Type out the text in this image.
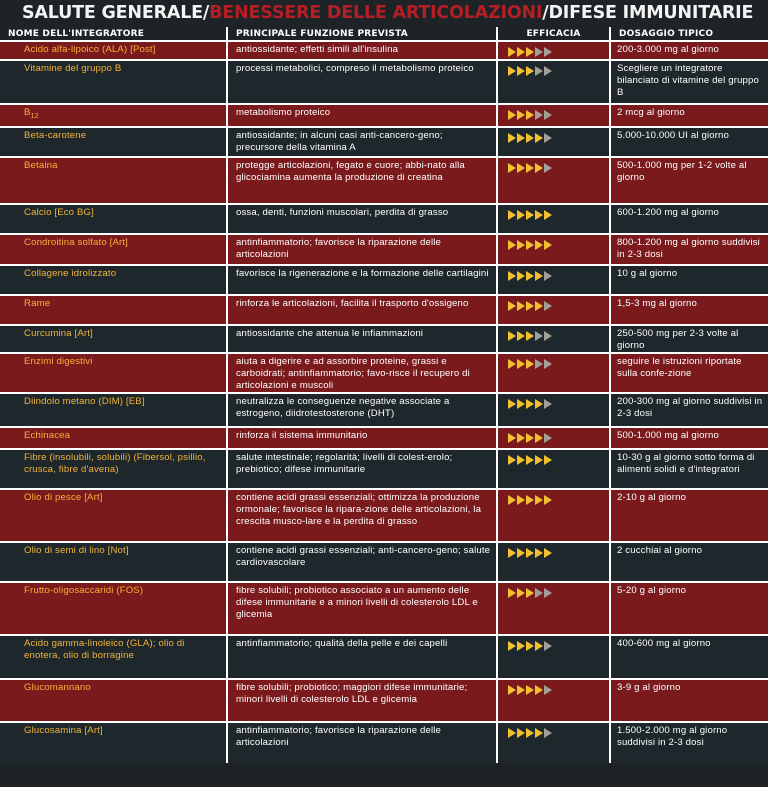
SALUTE GENERALE/BENESSERE DELLE ARTICOLAZIONI/DIFESE IMMUNITARIE
NOME DELL'INTEGRATORE	PRINCIPALE FUNZIONE PREVISTA	EFFICACIA	DOSAGGIO TIPICO
Acido alfa-lipoico (ALA) [Post]	antiossidante; effetti simili all'insulina		200-3.000 mg al giorno
Vitamine del gruppo B	processi metabolici, compreso il metabolismo proteico		Scegliere un integratore bilanciato di vitamine del gruppo B
$B_{12}$	metabolismo proteico		2 mcg al giorno
Beta-carotene	antiossidante; in alcuni casi anti-cancero-geno; precursore della vitamina A		5.000-10.000 UI al giorno
Betaina	protegge articolazioni, fegato e cuore; abbi-nato alla glicociamina aumenta la produzione di creatina		500-1.000 mg per 1-2 volte al giorno
Calcio [Eco BG]	ossa, denti, funzioni muscolari, perdita di grasso		600-1.200 mg al giorno
Condroitina solfato [Art]	antinfiammatorio; favorisce la riparazione delle articolazioni		800-1.200 mg al giorno suddivisi in 2-3 dosi
Collagene idrolizzato	favorisce la rigenerazione e la formazione delle cartilagini		10 g al giorno
Rame	rinforza le articolazioni, facilita il trasporto d'ossigeno		1,5-3 mg al giorno
Curcumina [Art]	antiossidante che attenua le infiammazioni		250-500 mg per 2-3 volte al giorno
Enzimi digestivi	aiuta a digerire e ad assorbire proteine, grassi e carboidrati; antinfiammatorio; favo-risce il recupero di articolazioni e muscoli		seguire le istruzioni riportate sulla confe-zione
Diindolo metano (DIM) [EB]	neutralizza le conseguenze negative associate a estrogeno, diidrotestosterone (DHT)		200-300 mg al giorno suddivisi in 2-3 dosi
Echinacea	rinforza il sistema immunitario		500-1.000 mg al giorno
Fibre (insolubili, solubili) (Fibersol, psillio, crusca, fibre d'avena)	salute intestinale; regolarità; livelli di colest-erolo; prebiotico; difese immunitarie		10-30 g al giorno sotto forma di alimenti solidi e d'integratori
Olio di pesce [Art]	contiene acidi grassi essenziali; ottimizza la produzione ormonale; favorisce la ripara-zione delle articolazioni, la crescita musco-lare e la perdita di grasso		2-10 g al giorno
Olio di semi di lino [Not]	contiene acidi grassi essenziali; anti-cancero-geno; salute cardiovascolare		2 cucchiai al giorno
Frutto-oligosaccaridi (FOS)	fibre solubili; probiotico associato a un aumento delle difese immunitarie e a minori livelli di colesterolo LDL e glicemia		5-20 g al giorno
Acido gamma-linoleico (GLA); olio di enotera, olio di borragine	antinfiammatorio; qualità della pelle e dei capelli		400-600 mg al giorno
Glucomannano	fibre solubili; probiotico; maggiori difese immunitarie; minori livelli di colesterolo LDL e glicemia		3-9 g al giorno
Glucosamina [Art]	antinfiammatorio; favorisce la riparazione delle articolazioni		1.500-2.000 mg al giorno suddivisi in 2-3 dosi
